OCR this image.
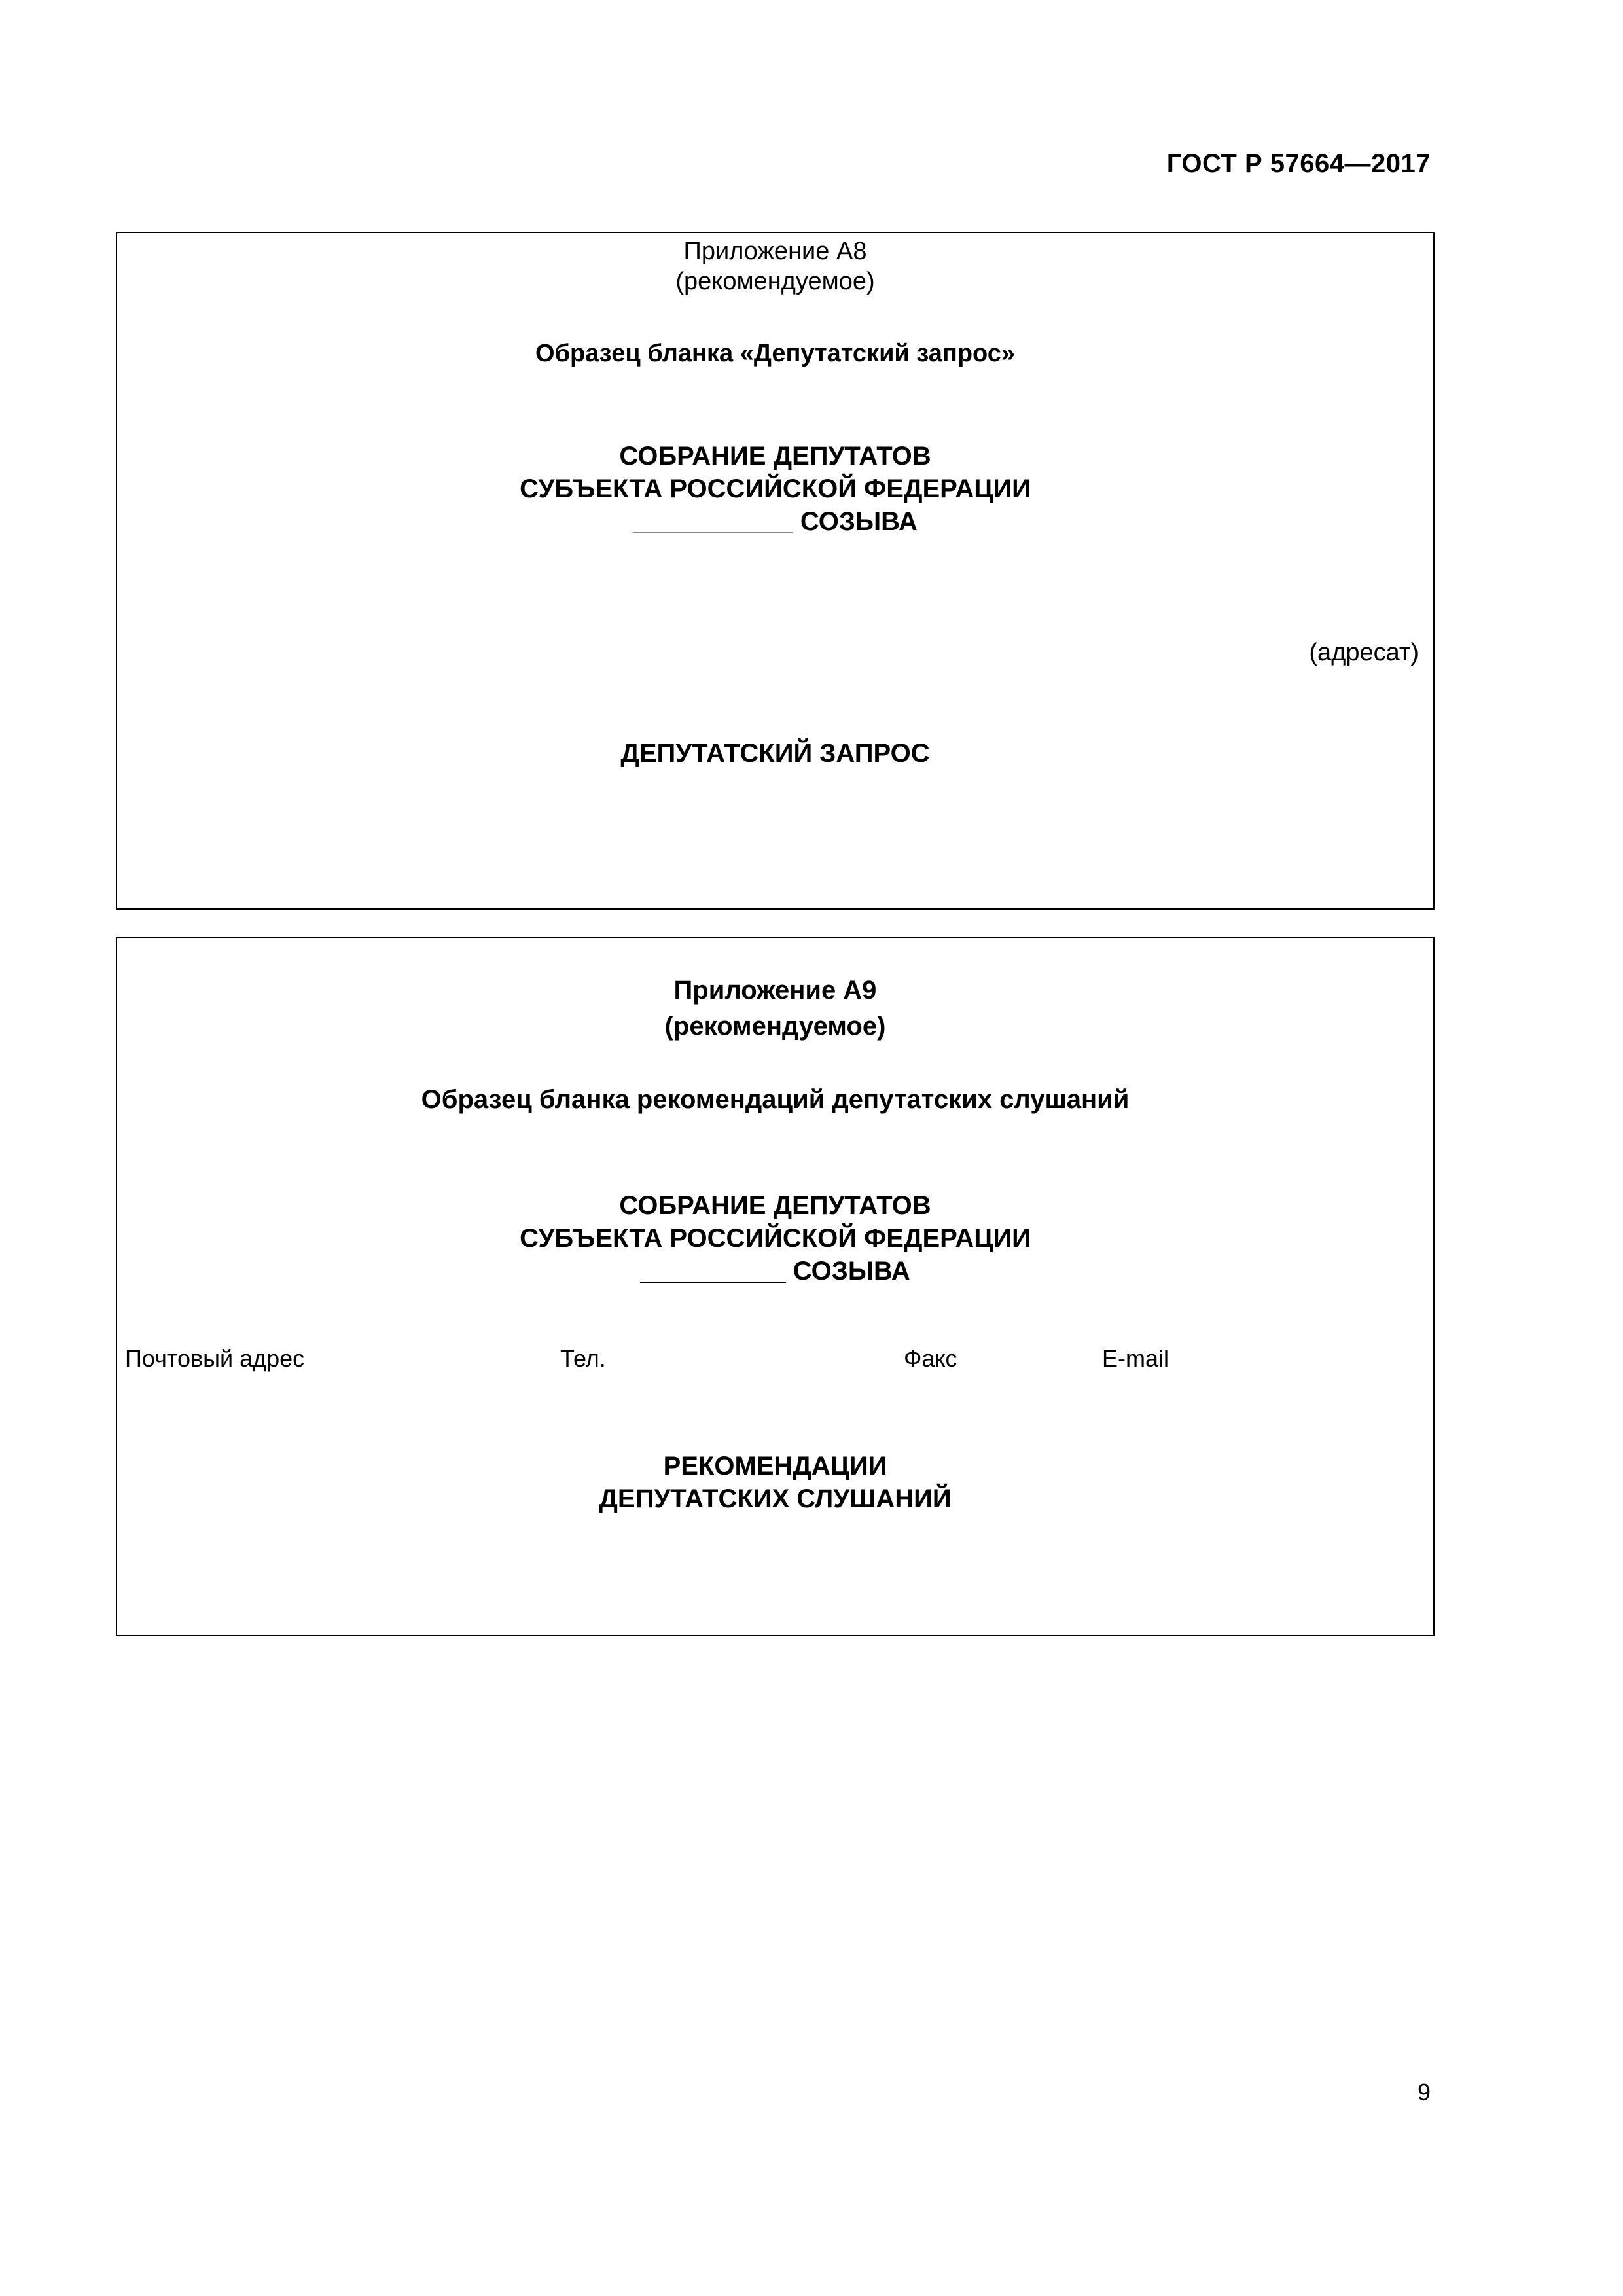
ГОСТ Р 57664—2017
Приложение А8
(рекомендуемое)
Образец бланка «Депутатский запрос»
СОБРАНИЕ ДЕПУТАТОВ
СУБЪЕКТА РОССИЙСКОЙ ФЕДЕРАЦИИ
___________ СОЗЫВА
(адресат)
ДЕПУТАТСКИЙ ЗАПРОС
Приложение А9
(рекомендуемое)
Образец бланка рекомендаций депутатских слушаний
СОБРАНИЕ ДЕПУТАТОВ
СУБЪЕКТА РОССИЙСКОЙ ФЕДЕРАЦИИ
__________ СОЗЫВА
Почтовый адрес	Тел.	Факс	E-mail
РЕКОМЕНДАЦИИ
ДЕПУТАТСКИХ СЛУШАНИЙ
9
